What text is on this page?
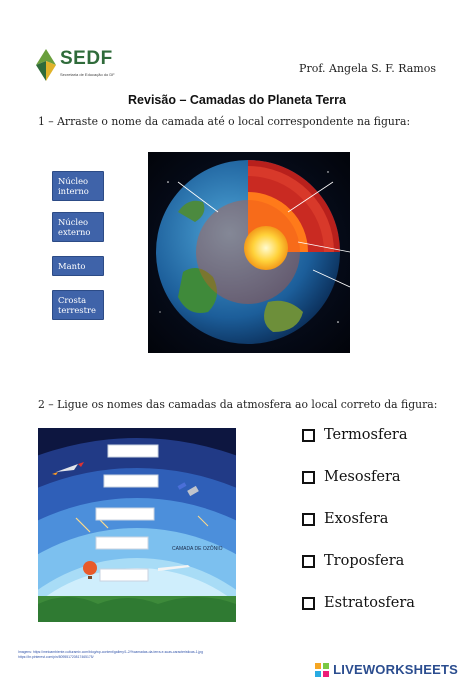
SEDF
Secretaria de Educação do DF	Prof. Angela S. F. Ramos
Revisão – Camadas do Planeta Terra
1 – Arraste o nome da camada até o local correspondente na figura:
Núcleo interno
Núcleo externo
Manto
Crosta terrestre
2 – Ligue os nomes das camadas da atmosfera ao local correto da figura:
CAMADA DE OZÔNIO
Termosfera
Mesosfera
Exosfera
Troposfera
Estratosfera
Imagens: https://meioambiente.culturamix.com/blog/wp-content/gallery/1-2/%camadas-da-terra-e-suas-caracteristicas-1.jpg
https://br.pinterest.com/pin/809551720817465175/
LIVEWORKSHEETS
